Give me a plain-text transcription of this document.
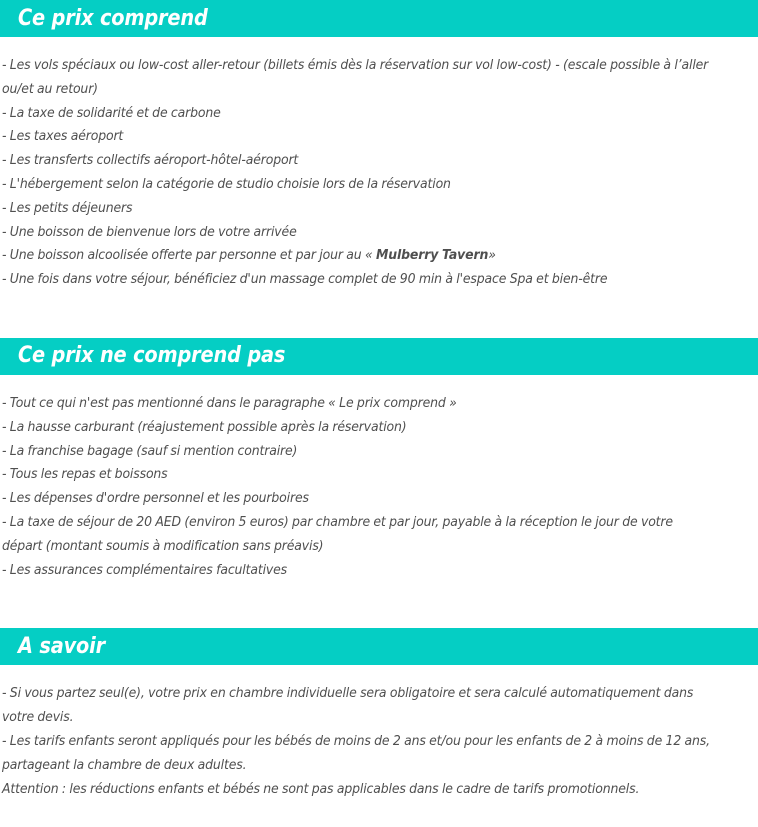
Ce prix comprend
- Les vols spéciaux ou low-cost aller-retour (billets émis dès la réservation sur vol low-cost) - (escale possible à l’aller ou/et au retour)
- La taxe de solidarité et de carbone
- Les taxes aéroport
- Les transferts collectifs aéroport-hôtel-aéroport
- L'hébergement selon la catégorie de studio choisie lors de la réservation
- Les petits déjeuners
- Une boisson de bienvenue lors de votre arrivée
- Une boisson alcoolisée offerte par personne et par jour au « Mulberry Tavern»
- Une fois dans votre séjour, bénéficiez d'un massage complet de 90 min à l'espace Spa et bien-être
Ce prix ne comprend pas
- Tout ce qui n'est pas mentionné dans le paragraphe « Le prix comprend »
- La hausse carburant (réajustement possible après la réservation)
- La franchise bagage (sauf si mention contraire)
- Tous les repas et boissons
- Les dépenses d'ordre personnel et les pourboires
- La taxe de séjour de 20 AED (environ 5 euros) par chambre et par jour, payable à la réception le jour de votre départ (montant soumis à modification sans préavis)
- Les assurances complémentaires facultatives
A savoir
- Si vous partez seul(e), votre prix en chambre individuelle sera obligatoire et sera calculé automatiquement dans votre devis.
- Les tarifs enfants seront appliqués pour les bébés de moins de 2 ans et/ou pour les enfants de 2 à moins de 12 ans, partageant la chambre de deux adultes.
Attention : les réductions enfants et bébés ne sont pas applicables dans le cadre de tarifs promotionnels.
